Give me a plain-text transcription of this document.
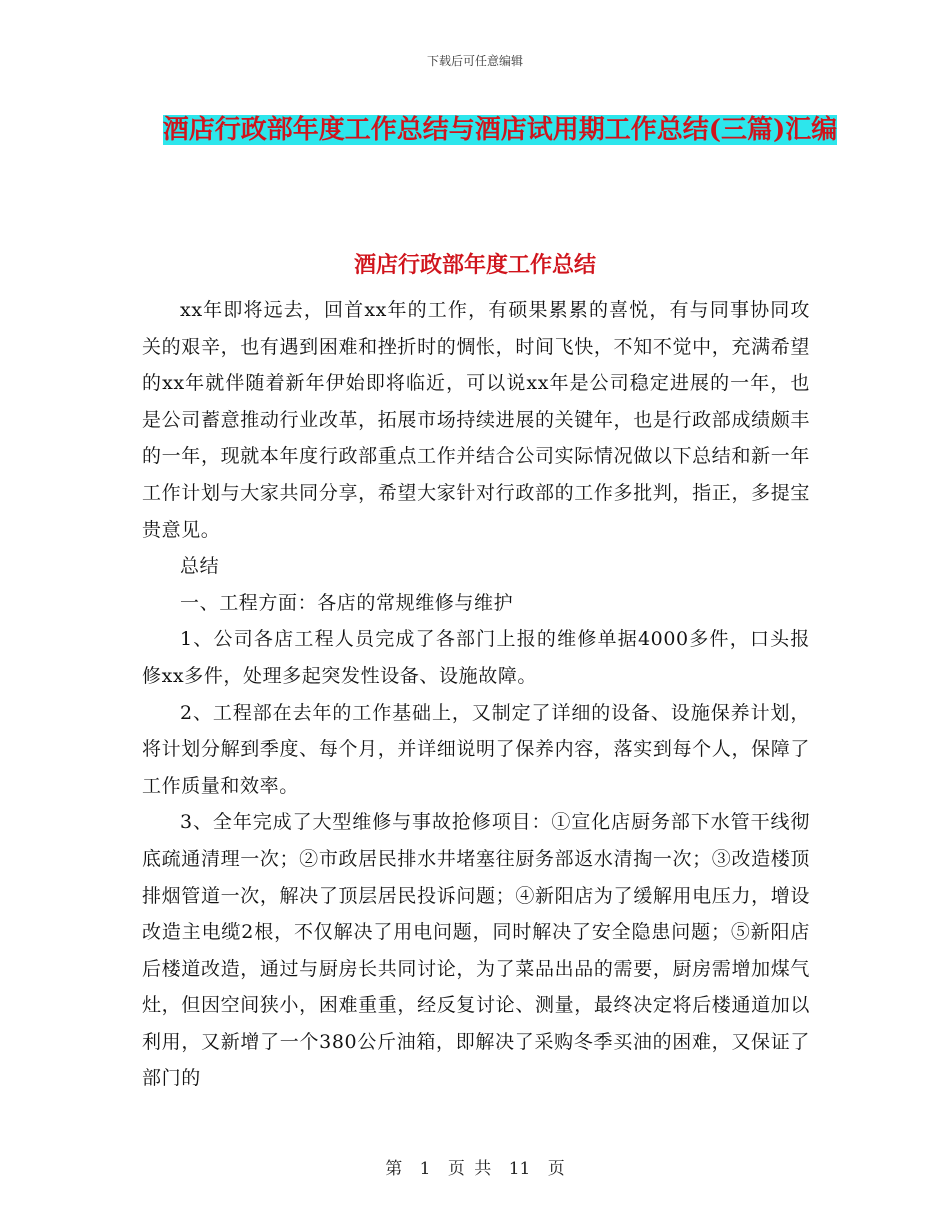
下载后可任意编辑
酒店行政部年度工作总结与酒店试用期工作总结(三篇)汇编
酒店行政部年度工作总结

xx年即将远去，回首xx年的工作，有硕果累累的喜悦，有与同事协同攻关的艰辛，也有遇到困难和挫折时的惆怅，时间飞快，不知不觉中，充满希望的xx年就伴随着新年伊始即将临近，可以说xx年是公司稳定进展的一年，也是公司蓄意推动行业改革，拓展市场持续进展的关键年，也是行政部成绩颇丰的一年，现就本年度行政部重点工作并结合公司实际情况做以下总结和新一年工作计划与大家共同分享，希望大家针对行政部的工作多批判，指正，多提宝贵意见。

总结

一、工程方面：各店的常规维修与维护

1、公司各店工程人员完成了各部门上报的维修单据4000多件，口头报修xx多件，处理多起突发性设备、设施故障。

2、工程部在去年的工作基础上，又制定了详细的设备、设施保养计划，将计划分解到季度、每个月，并详细说明了保养内容，落实到每个人，保障了工作质量和效率。

3、全年完成了大型维修与事故抢修项目：①宣化店厨务部下水管干线彻底疏通清理一次；②市政居民排水井堵塞往厨务部返水清掏一次；③改造楼顶排烟管道一次，解决了顶层居民投诉问题；④新阳店为了缓解用电压力，增设改造主电缆2根，不仅解决了用电问题，同时解决了安全隐患问题；⑤新阳店后楼道改造，通过与厨房长共同讨论，为了菜品出品的需要，厨房需增加煤气灶，但因空间狭小，困难重重，经反复讨论、测量，最终决定将后楼通道加以利用，又新增了一个380公斤油箱，即解决了采购冬季买油的困难，又保证了部门的

第 1 页 共 11 页
